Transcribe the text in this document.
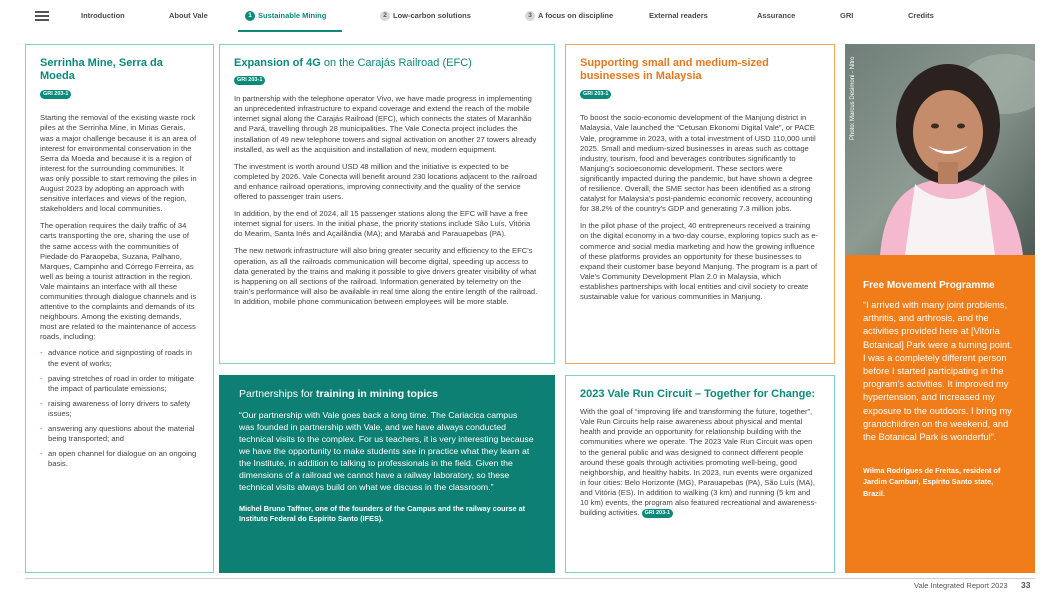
Introduction	About Vale	1 Sustainable Mining	2 Low-carbon solutions	3 A focus on discipline	External readers	Assurance	GRI	Credits
Serrinha Mine, Serra da Moeda
GRI 203-1

Starting the removal of the existing waste rock piles at the Serrinha Mine, in Minas Gerais, was a major challenge because it is an area of interest for environmental conservation in the Serra da Moeda and because it is a region of interest for the surrounding communities. It was only possible to start removing the piles in August 2023 by adopting an approach with sensitive interfaces and views of the region, stakeholders and local communities.

The operation requires the daily traffic of 34 carts transporting the ore, sharing the use of the same access with the communities of Piedade do Paraopeba, Suzana, Palhano, Marques, Campinho and Córrego Ferreira, as well as being a tourist attraction in the region. Vale maintains an interface with all these communities through dialogue channels and is attentive to the complaints and demands of its neighbours. Among the existing demands, most are related to the maintenance of access roads, including:

- advance notice and signposting of roads in the event of works;
- paving stretches of road in order to mitigate the impact of particulate emissions;
- raising awareness of lorry drivers to safety issues;
- answering any questions about the material being transported; and
- an open channel for dialogue on an ongoing basis.
Expansion of 4G on the Carajás Railroad (EFC)
GRI 203-1

In partnership with the telephone operator Vivo, we have made progress in implementing an unprecedented infrastructure to expand coverage and extend the reach of the mobile internet signal along the Carajás Railroad (EFC), which connects the states of Maranhão and Pará, travelling through 28 municipalities. The Vale Conecta project includes the installation of 49 new telephone towers and signal activation on another 27 towers already installed, as well as the acquisition and installation of new, modern equipment.

The investment is worth around USD 48 million and the initiative is expected to be completed by 2026. Vale Conecta will benefit around 230 locations adjacent to the railroad and enhance railroad operations, improving connectivity and the quality of the service offered to passenger train users.

In addition, by the end of 2024, all 15 passenger stations along the EFC will have a free internet signal for users. In the initial phase, the priority stations include São Luís, Vitória do Mearim, Santa Inês and Açailândia (MA); and Marabá and Parauapebas (PA).

The new network infrastructure will also bring greater security and efficiency to the EFC's operation, as all the railroads communication will become digital, speeding up access to data generated by the trains and making it possible to give drivers greater visibility of what is happening on all sections of the railroad. Information generated by telemetry on the train's performance will also be available in real time along the entire length of the railroad. In addition, mobile phone communication between employees will be more stable.

Partnerships for training in mining topics
“Our partnership with Vale goes back a long time. The Cariacica campus was founded in partnership with Vale, and we have always conducted technical visits to the complex. For us teachers, it is very interesting because we have the opportunity to make students see in practice what they learn at the Institute, in addition to talking to professionals in the field. Given the dimensions of a railroad we cannot have a railway laboratory, so these technical visits always build on what we discuss in the classroom.”
Michel Bruno Taffner, one of the founders of the Campus and the railway course at Instituto Federal do Espírito Santo (IFES).
Supporting small and medium-sized businesses in Malaysia
GRI 203-1

To boost the socio-economic development of the Manjung district in Malaysia, Vale launched the “Cetusan Ekonomi Digital Vale”, or PACE Vale, programme in 2023, with a total investment of USD 110,000 until 2025. Small and medium-sized businesses in areas such as cottage industry, tourism, food and beverages contributes significantly to Manjung's socioeconomic development. These sectors were significantly impacted during the pandemic, but have shown a degree of resilience. Overall, the SME sector has been identified as a strong catalyst for Malaysia's post-pandemic economic recovery, accounting for 38.2% of the country's GDP and generating 7.3 million jobs.

In the pilot phase of the project, 40 entrepreneurs received a training on the digital economy in a two-day course, exploring topics such as e-commerce and social media marketing and how the growing influence of these platforms provides an opportunity for these businesses to expand their customer base beyond Manjung. The program is a part of Vale's Community Development Plan 2.0 in Malaysia, which establishes partnerships with local entities and civil society to create sustainable value for various communities in Manjung.

2023 Vale Run Circuit – Together for Change:

With the goal of “improving life and transforming the future, together”, Vale Run Circuits help raise awareness about physical and mental health and provide an opportunity for relationship building with the communities where we operate. The 2023 Vale Run Circuit was open to the general public and was designed to connect different people around these goals through activities promoting well-being, good neighborship, and healthy habits. In 2023, run events were organized in four cities: Belo Horizonte (MG), Parauapebas (PA), São Luís (MA), and Vitória (ES). In addition to walking (3 km) and running (5 km and 10 km) events, the program also featured recreational and awareness-building activities. GRI 203-1

Photo: Marcus Desimoni - Nitro
Free Movement Programme
“I arrived with many joint problems, arthritis, and arthrosis, and the activities provided here at [Vitória Botanical] Park were a turning point. I was a completely different person before I started participating in the program's activities. It improved my hypertension, and increased my exposure to the outdoors. I bring my grandchildren on the weekend, and the Botanical Park is wonderful”.
Wilma Rodrigues de Freitas, resident of Jardim Camburi, Espírito Santo state, Brazil.
Vale Integrated Report 2023 33
